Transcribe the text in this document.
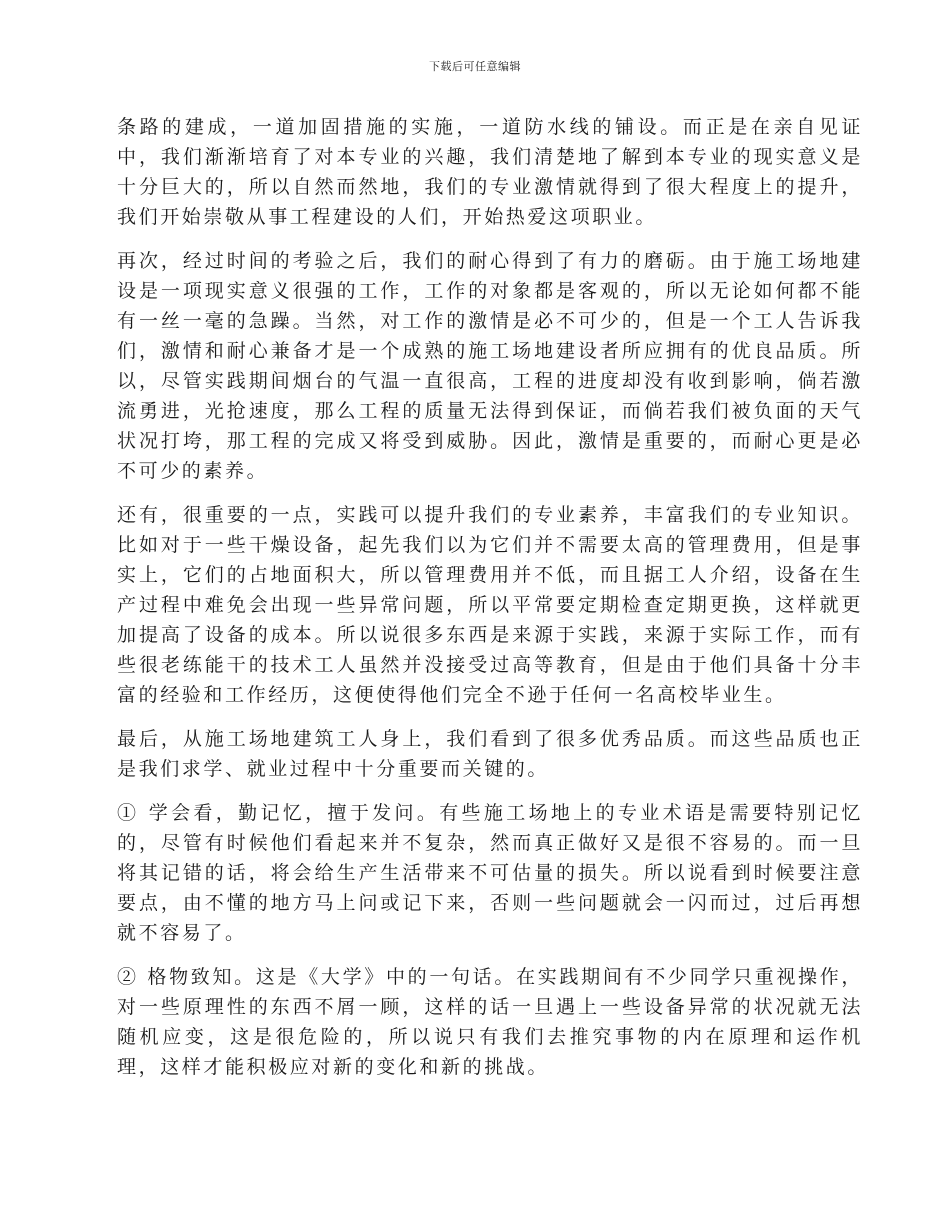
下载后可任意编辑

条路的建成，一道加固措施的实施，一道防水线的铺设。而正是在亲自见证中，我们渐渐培育了对本专业的兴趣，我们清楚地了解到本专业的现实意义是十分巨大的，所以自然而然地，我们的专业激情就得到了很大程度上的提升，我们开始崇敬从事工程建设的人们，开始热爱这项职业。

再次，经过时间的考验之后，我们的耐心得到了有力的磨砺。由于施工场地建设是一项现实意义很强的工作，工作的对象都是客观的，所以无论如何都不能有一丝一毫的急躁。当然，对工作的激情是必不可少的，但是一个工人告诉我们，激情和耐心兼备才是一个成熟的施工场地建设者所应拥有的优良品质。所以，尽管实践期间烟台的气温一直很高，工程的进度却没有收到影响，倘若激流勇进，光抢速度，那么工程的质量无法得到保证，而倘若我们被负面的天气状况打垮，那工程的完成又将受到威胁。因此，激情是重要的，而耐心更是必不可少的素养。

还有，很重要的一点，实践可以提升我们的专业素养，丰富我们的专业知识。比如对于一些干燥设备，起先我们以为它们并不需要太高的管理费用，但是事实上，它们的占地面积大，所以管理费用并不低，而且据工人介绍，设备在生产过程中难免会出现一些异常问题，所以平常要定期检查定期更换，这样就更加提高了设备的成本。所以说很多东西是来源于实践，来源于实际工作，而有些很老练能干的技术工人虽然并没接受过高等教育，但是由于他们具备十分丰富的经验和工作经历，这便使得他们完全不逊于任何一名高校毕业生。

最后，从施工场地建筑工人身上，我们看到了很多优秀品质。而这些品质也正是我们求学、就业过程中十分重要而关键的。

① 学会看，勤记忆，擅于发问。有些施工场地上的专业术语是需要特别记忆的，尽管有时候他们看起来并不复杂，然而真正做好又是很不容易的。而一旦将其记错的话，将会给生产生活带来不可估量的损失。所以说看到时候要注意要点，由不懂的地方马上问或记下来，否则一些问题就会一闪而过，过后再想就不容易了。

② 格物致知。这是《大学》中的一句话。在实践期间有不少同学只重视操作，对一些原理性的东西不屑一顾，这样的话一旦遇上一些设备异常的状况就无法随机应变，这是很危险的，所以说只有我们去推究事物的内在原理和运作机理，这样才能积极应对新的变化和新的挑战。
